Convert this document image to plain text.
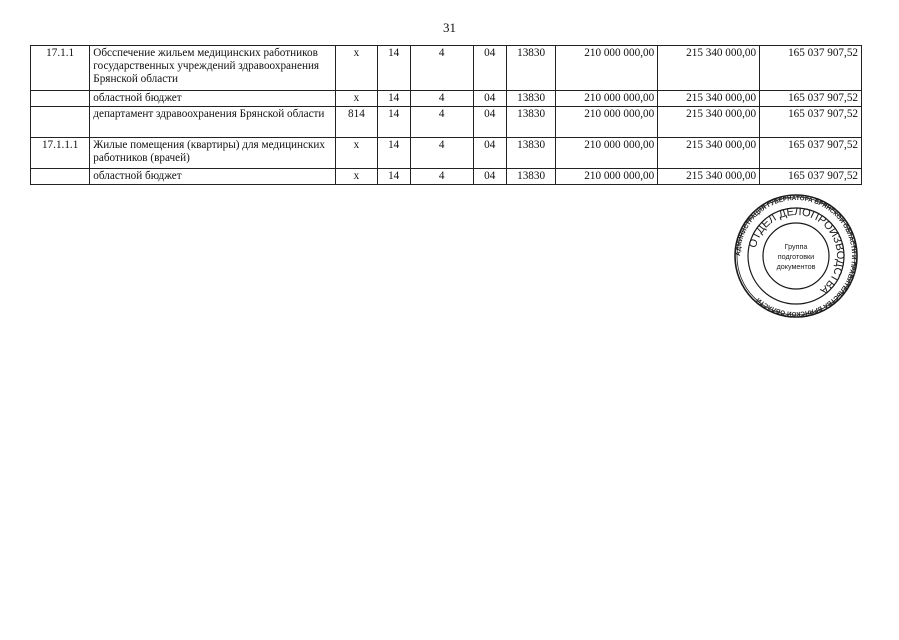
31
17.1.1	Обсспечение жильем медицинских работников государственных учреждений здравоохранения Брянской области	х	14	4	04	13830	210 000 000,00	215 340 000,00	165 037 907,52
	областной бюджет	х	14	4	04	13830	210 000 000,00	215 340 000,00	165 037 907,52
	департамент здравоохранения Брянской области	814	14	4	04	13830	210 000 000,00	215 340 000,00	165 037 907,52
17.1.1.1	Жилые помещения (квартиры) для медицинских работников (врачей)	х	14	4	04	13830	210 000 000,00	215 340 000,00	165 037 907,52
	областной бюджет	х	14	4	04	13830	210 000 000,00	215 340 000,00	165 037 907,52
АДМИНИСТРАЦИЯ ГУБЕРНАТОРА БРЯНСКОЙ ОБЛАСТИ И ПРАВИТЕЛЬСТВА БРЯНСКОЙ ОБЛАСТИ
ОТДЕЛ ДЕЛОПРОИЗВОДСТВА
Группа
подготовки
документов
